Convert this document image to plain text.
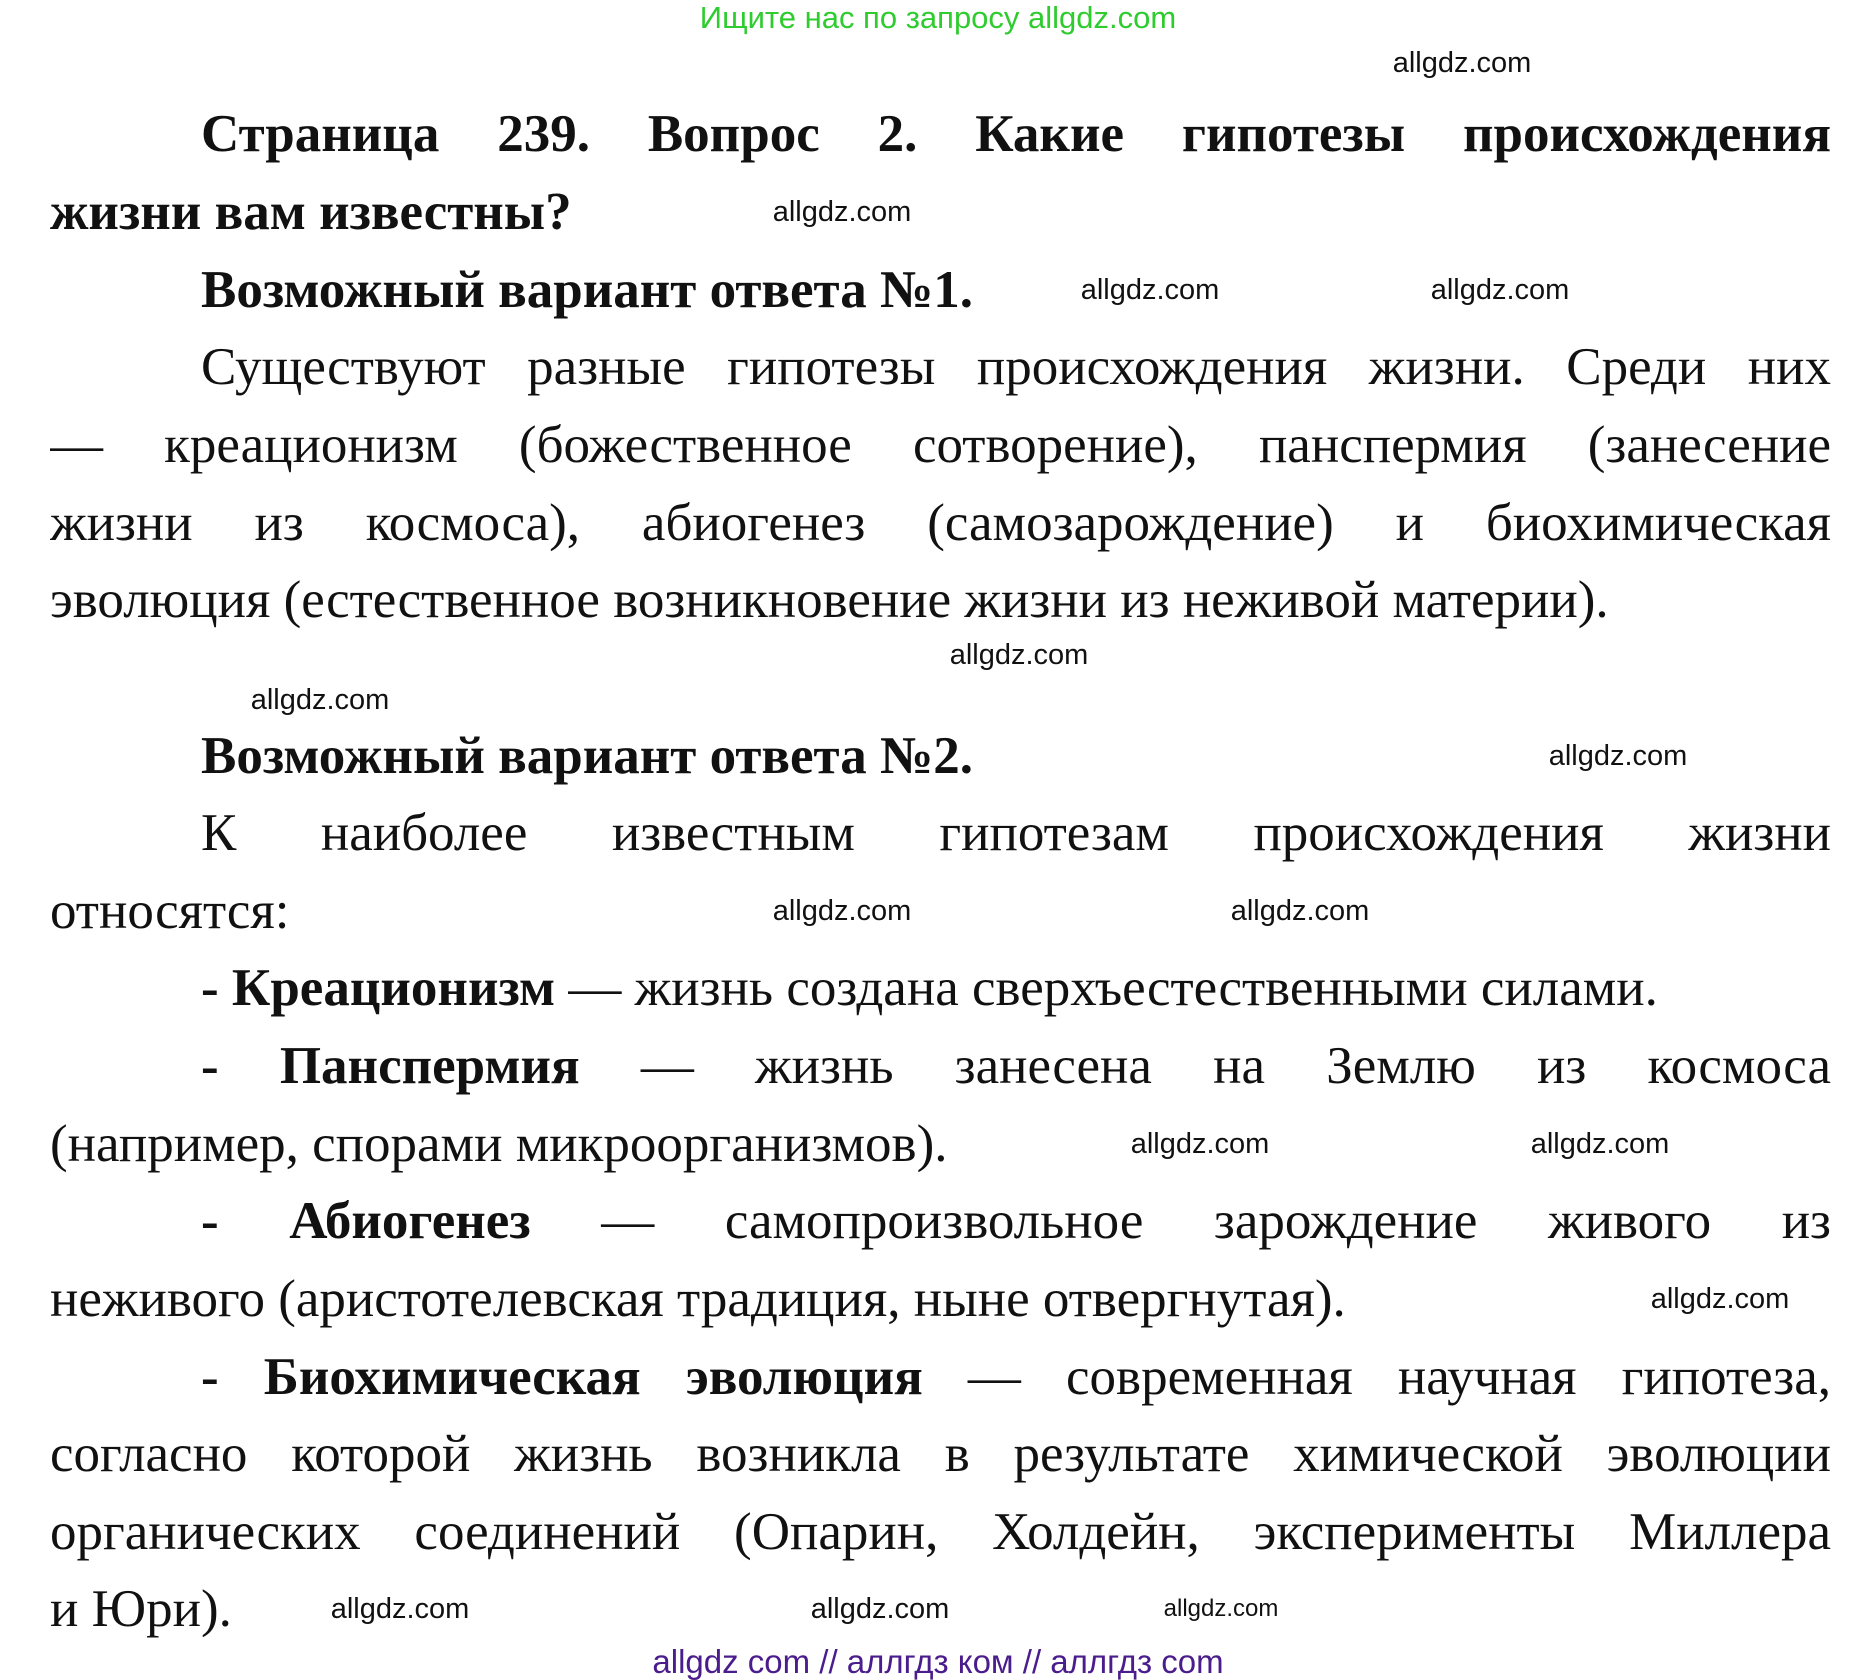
Ищите нас по запросу allgdz.com
Страница 239. Вопрос 2. Какие гипотезы происхождения
жизни вам известны?
Возможный вариант ответа №1.
Существуют разные гипотезы происхождения жизни. Среди них
— креационизм (божественное сотворение), панспермия (занесение
жизни из космоса), абиогенез (самозарождение) и биохимическая
эволюция (естественное возникновение жизни из неживой материи).
Возможный вариант ответа №2.
К наиболее известным гипотезам происхождения жизни
относятся:
- Креационизм — жизнь создана сверхъестественными силами.
- Панспермия — жизнь занесена на Землю из космоса
(например, спорами микроорганизмов).
- Абиогенез — самопроизвольное зарождение живого из
неживого (аристотелевская традиция, ныне отвергнутая).
- Биохимическая эволюция — современная научная гипотеза,
согласно которой жизнь возникла в результате химической эволюции
органических соединений (Опарин, Холдейн, эксперименты Миллера
и Юри).
allgdz.com
allgdz.com
allgdz.com	allgdz.com
allgdz.com
allgdz.com
allgdz.com
allgdz.com	allgdz.com
allgdz.com	allgdz.com
allgdz.com
allgdz.com
allgdz.com
allgdz.com
allgdz com // аллгдз ком // аллгдз com
